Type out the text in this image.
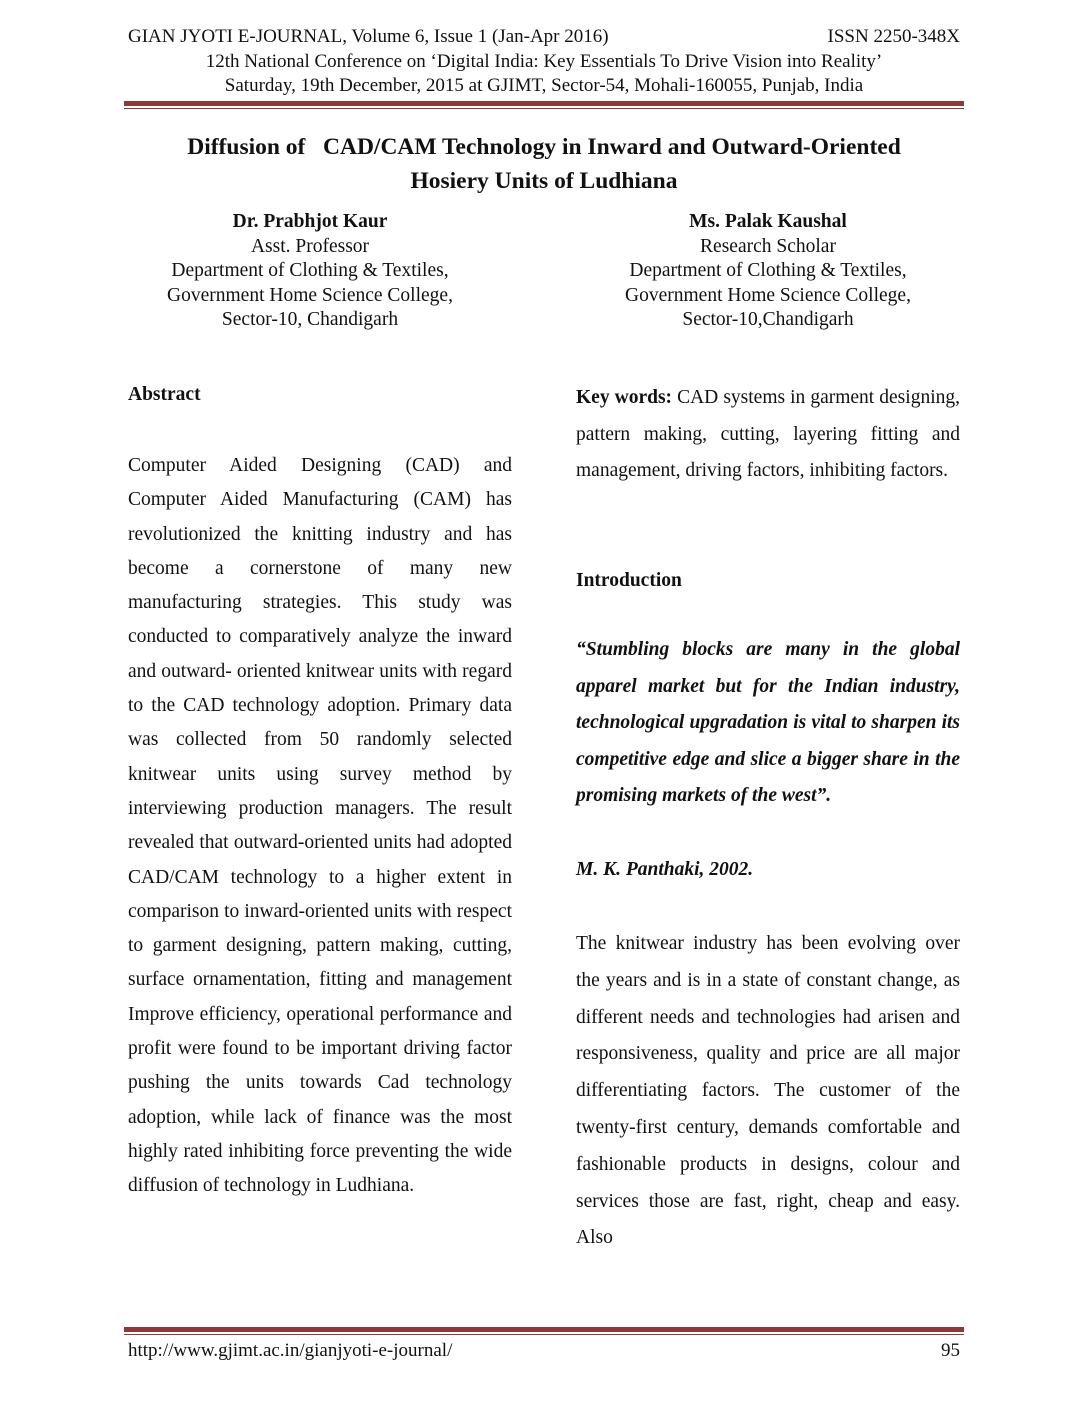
GIAN JYOTI E-JOURNAL, Volume 6, Issue 1 (Jan-Apr 2016)	ISSN 2250-348X
12th National Conference on ‘Digital India: Key Essentials To Drive Vision into Reality’
Saturday, 19th December, 2015 at GJIMT, Sector-54, Mohali-160055, Punjab, India
Diffusion of   CAD/CAM Technology in Inward and Outward-Oriented
Hosiery Units of Ludhiana
Dr. Prabhjot Kaur
Asst. Professor
Department of Clothing & Textiles,
Government Home Science College,
Sector-10, Chandigarh
Ms. Palak Kaushal
Research Scholar
Department of Clothing & Textiles,
Government Home Science College,
Sector-10,Chandigarh
Abstract
Computer Aided Designing (CAD) and Computer Aided Manufacturing (CAM) has revolutionized the knitting industry and has become a cornerstone of many new manufacturing strategies. This study was conducted to comparatively analyze the inward and outward- oriented knitwear units with regard to the CAD technology adoption. Primary data was collected from 50 randomly selected knitwear units using survey method by interviewing production managers. The result revealed that outward-oriented units had adopted CAD/CAM technology to a higher extent in comparison to inward-oriented units with respect to garment designing, pattern making, cutting, surface ornamentation, fitting and management Improve efficiency, operational performance and profit were found to be important driving factor pushing the units towards Cad technology adoption, while lack of finance was the most highly rated inhibiting force preventing the wide diffusion of technology in Ludhiana.
Key words: CAD systems in garment designing, pattern making, cutting, layering fitting and management, driving factors, inhibiting factors.
Introduction
“Stumbling blocks are many in the global apparel market but for the Indian industry, technological upgradation is vital to sharpen its competitive edge and slice a bigger share in the promising markets of the west”.
M. K. Panthaki, 2002.
The knitwear industry has been evolving over the years and is in a state of constant change, as different needs and technologies had arisen and responsiveness, quality and price are all major differentiating factors. The customer of the twenty-first century, demands comfortable and fashionable products in designs, colour and services those are fast, right, cheap and easy. Also
http://www.gjimt.ac.in/gianjyoti-e-journal/	95
